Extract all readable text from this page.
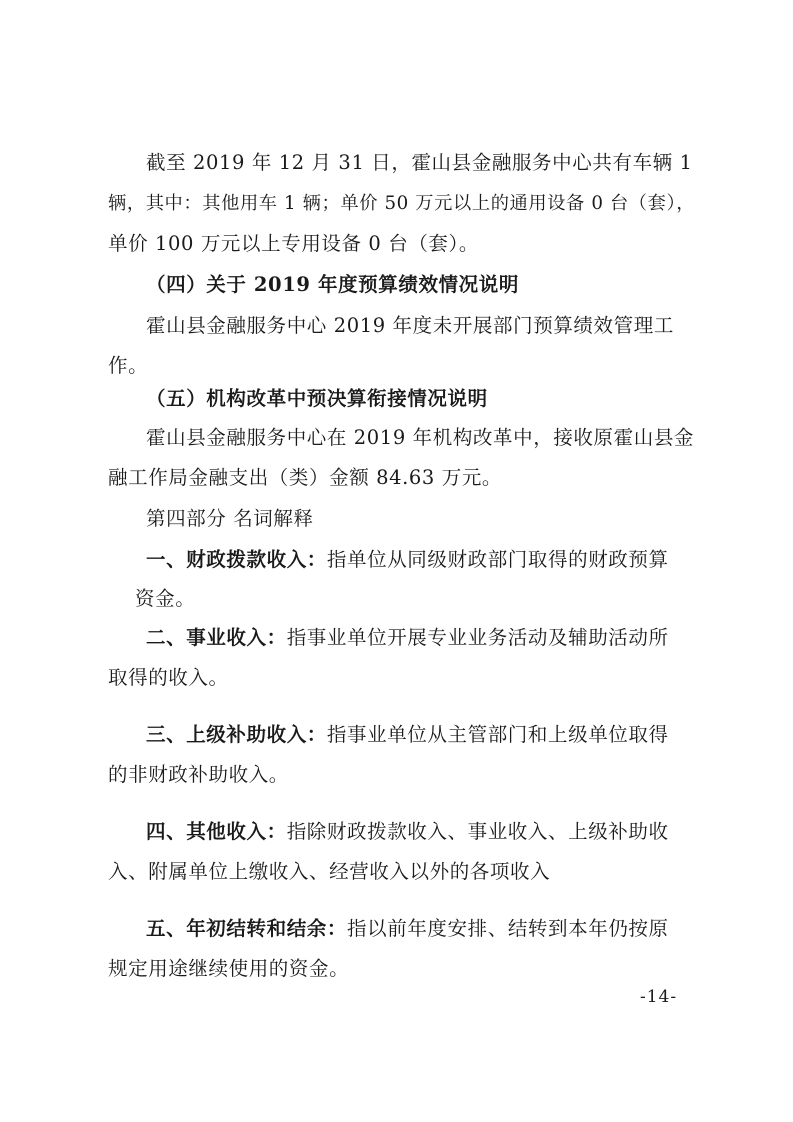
截至 2019 年 12 月 31 日，霍山县金融服务中心共有车辆 1
辆，其中：其他用车 1 辆；单价 50 万元以上的通用设备 0 台（套），
单价 100 万元以上专用设备 0 台（套）。
（四）关于 2019 年度预算绩效情况说明
霍山县金融服务中心 2019 年度未开展部门预算绩效管理工
作。
（五）机构改革中预决算衔接情况说明
霍山县金融服务中心在 2019 年机构改革中，接收原霍山县金
融工作局金融支出（类）金额 84.63 万元。
第四部分 名词解释
一、财政拨款收入：指单位从同级财政部门取得的财政预算
资金。
二、事业收入：指事业单位开展专业业务活动及辅助活动所
取得的收入。
三、上级补助收入：指事业单位从主管部门和上级单位取得
的非财政补助收入。
四、其他收入：指除财政拨款收入、事业收入、上级补助收
入、附属单位上缴收入、经营收入以外的各项收入
五、年初结转和结余：指以前年度安排、结转到本年仍按原
规定用途继续使用的资金。
-14-
